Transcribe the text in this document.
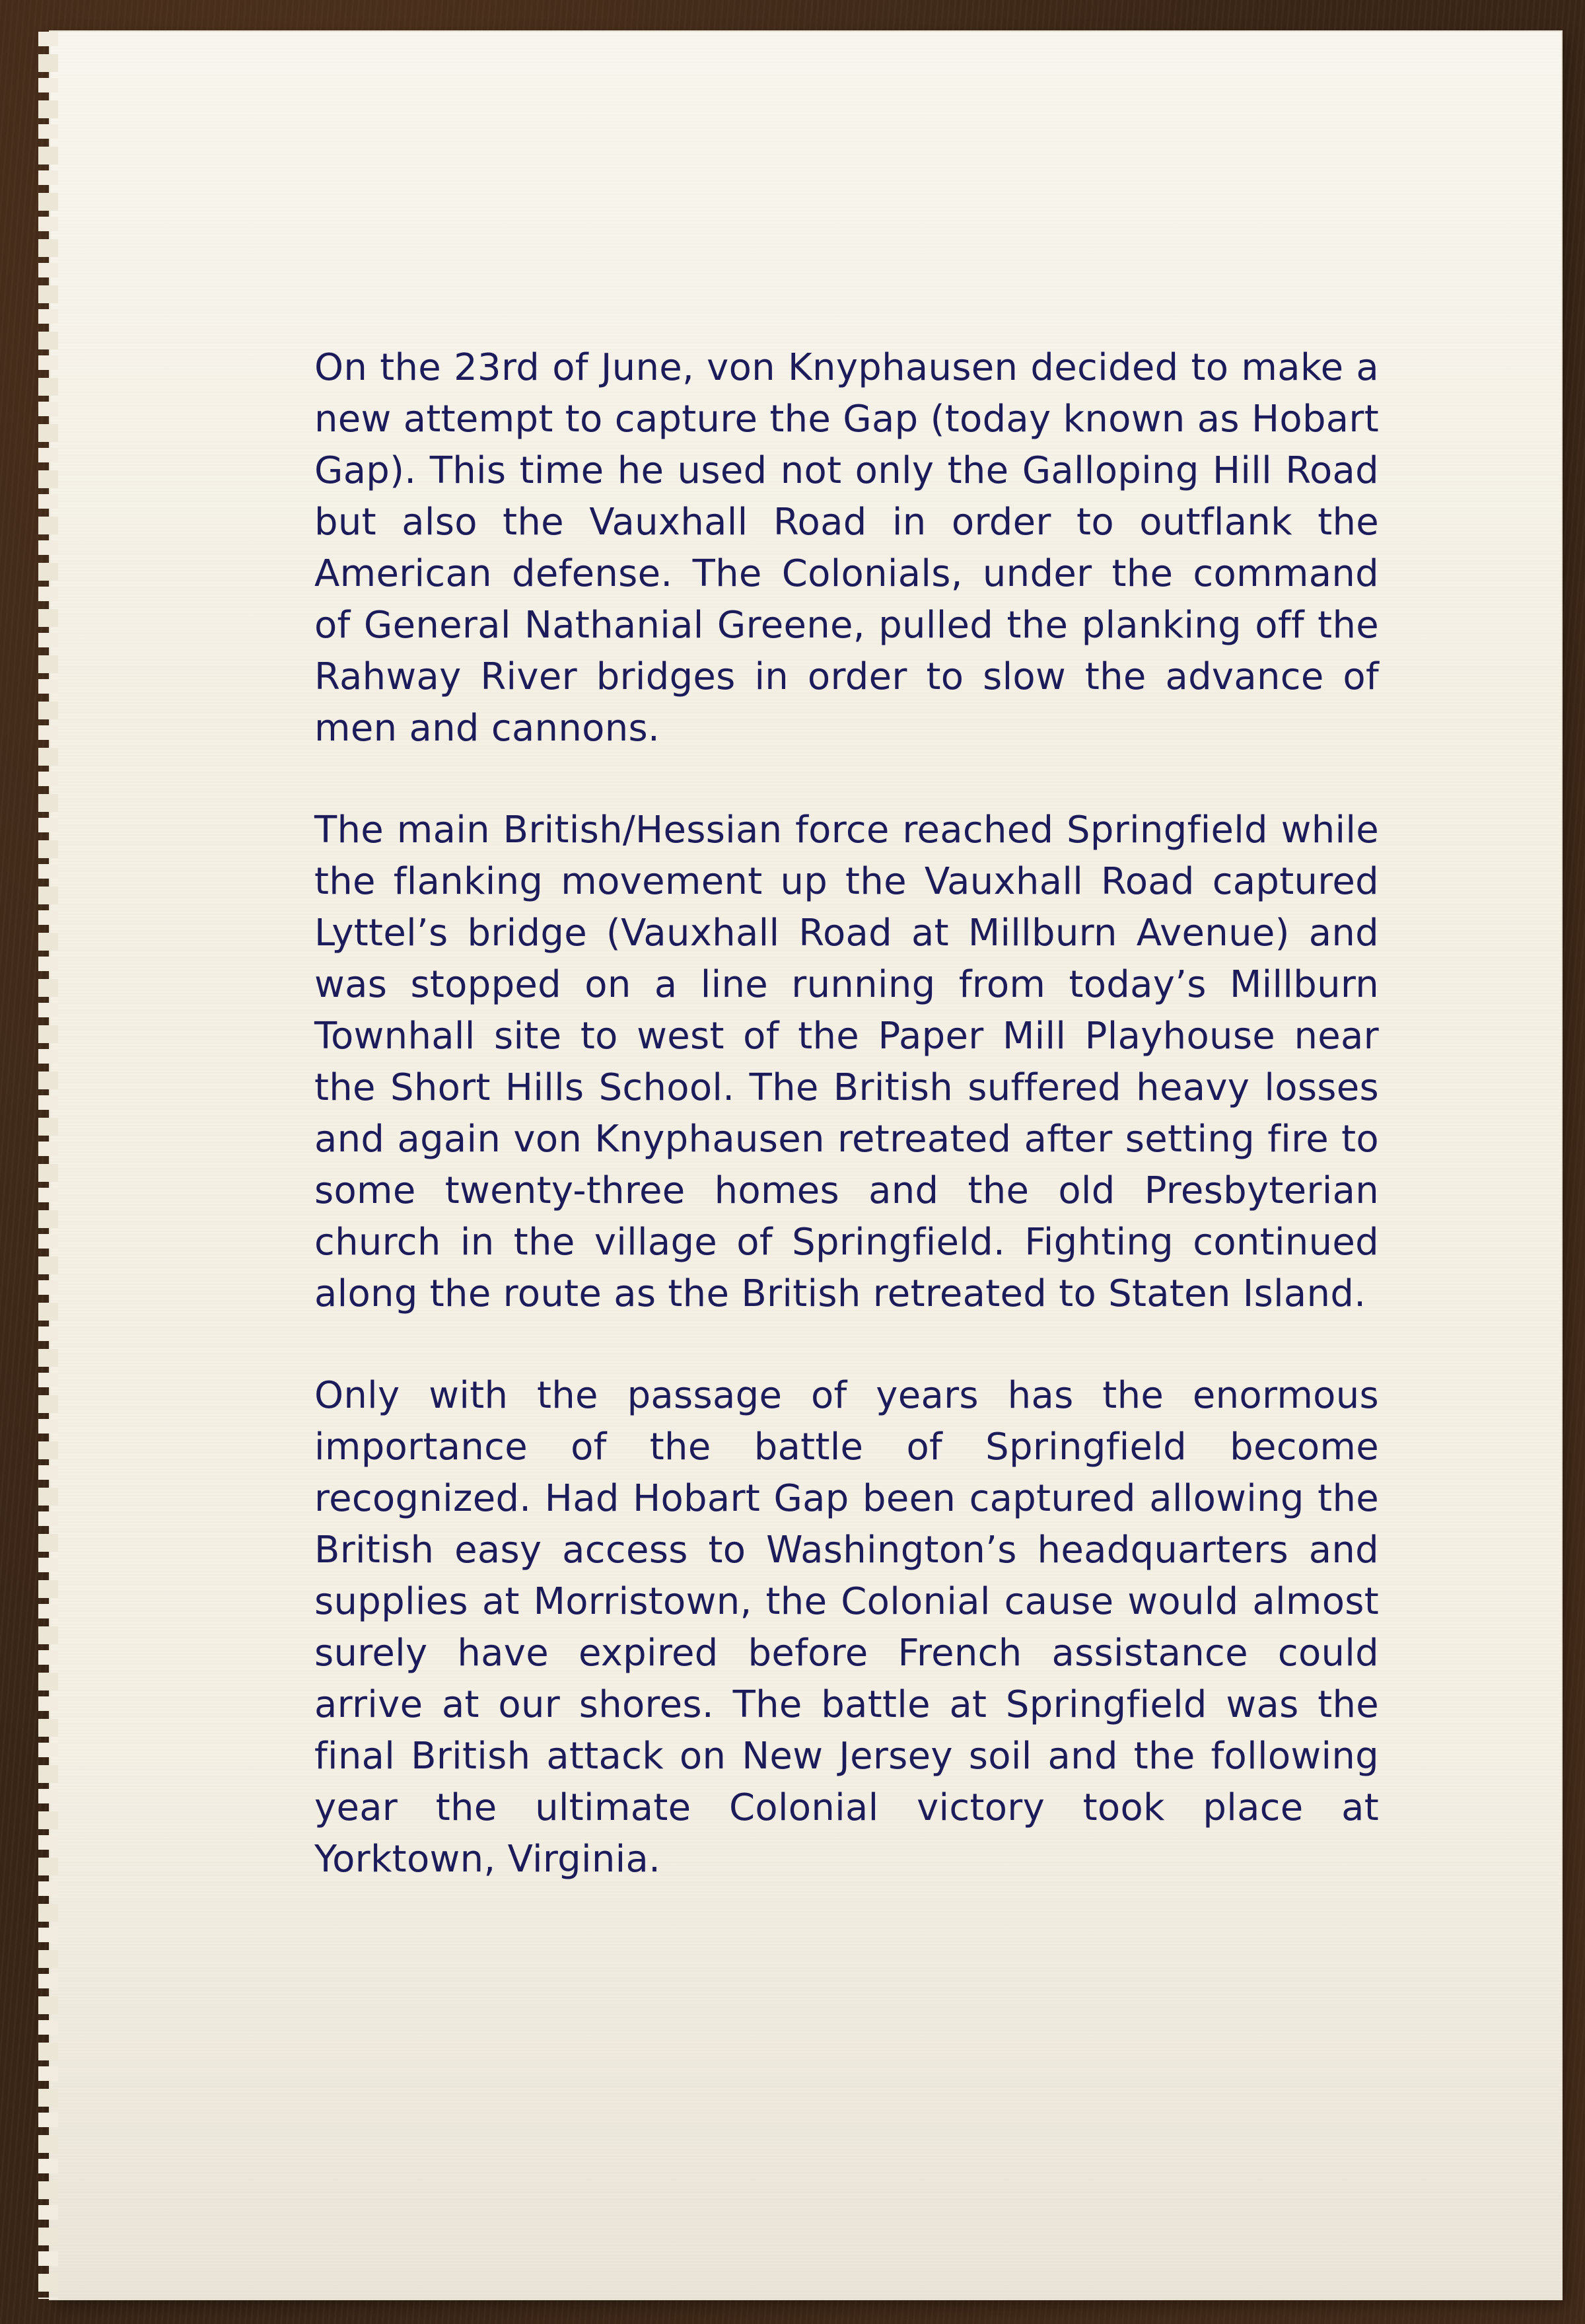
On the 23rd of June, von Knyphausen decided to make a new attempt to capture the Gap (today known as Hobart Gap). This time he used not only the Galloping Hill Road but also the Vauxhall Road in order to outflank the American defense. The Colonials, under the command of General Nathanial Greene, pulled the planking off the Rahway River bridges in order to slow the advance of men and cannons.

The main British/Hessian force reached Springfield while the flanking movement up the Vauxhall Road captured Lyttel’s bridge (Vauxhall Road at Millburn Avenue) and was stopped on a line running from today’s Millburn Townhall site to west of the Paper Mill Playhouse near the Short Hills School. The British suffered heavy losses and again von Knyphausen retreated after setting fire to some twenty-three homes and the old Presbyterian church in the village of Springfield. Fighting continued along the route as the British retreated to Staten Island.

Only with the passage of years has the enormous importance of the battle of Springfield become recognized. Had Hobart Gap been captured allowing the British easy access to Washington’s headquarters and supplies at Morristown, the Colonial cause would almost surely have expired before French assistance could arrive at our shores. The battle at Springfield was the final British attack on New Jersey soil and the following year the ultimate Colonial victory took place at Yorktown, Virginia.
